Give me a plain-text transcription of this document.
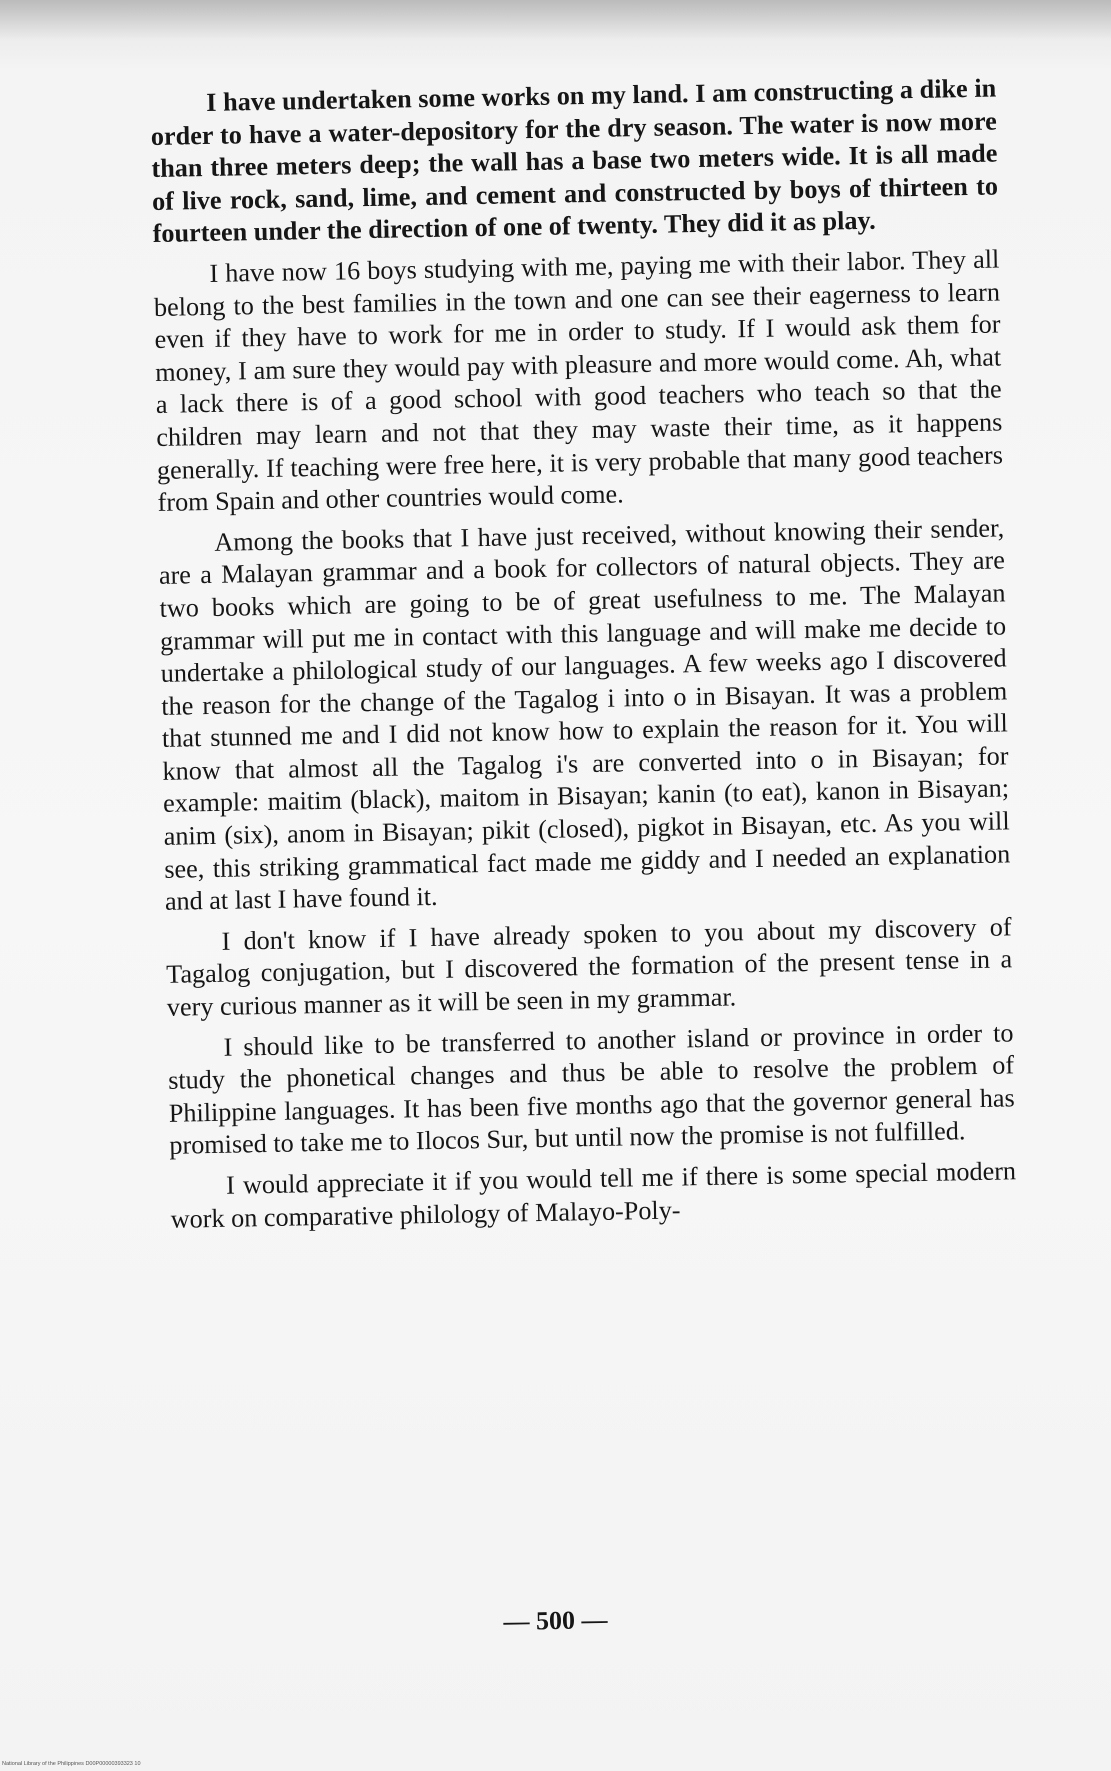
I have undertaken some works on my land. I am constructing a dike in order to have a water-depository for the dry season. The water is now more than three meters deep; the wall has a base two meters wide. It is all made of live rock, sand, lime, and cement and constructed by boys of thirteen to fourteen under the direction of one of twenty. They did it as play.

I have now 16 boys studying with me, paying me with their labor. They all belong to the best families in the town and one can see their eagerness to learn even if they have to work for me in order to study. If I would ask them for money, I am sure they would pay with pleasure and more would come. Ah, what a lack there is of a good school with good teachers who teach so that the children may learn and not that they may waste their time, as it happens generally. If teaching were free here, it is very probable that many good teachers from Spain and other countries would come.

Among the books that I have just received, without knowing their sender, are a Malayan grammar and a book for collectors of natural objects. They are two books which are going to be of great usefulness to me. The Malayan grammar will put me in contact with this language and will make me decide to undertake a philological study of our languages. A few weeks ago I discovered the reason for the change of the Tagalog i into o in Bisayan. It was a problem that stunned me and I did not know how to explain the reason for it. You will know that almost all the Tagalog i's are converted into o in Bisayan; for example: maitim (black), maitom in Bisayan; kanin (to eat), kanon in Bisayan; anim (six), anom in Bisayan; pikit (closed), pigkot in Bisayan, etc. As you will see, this striking grammatical fact made me giddy and I needed an explanation and at last I have found it.

I don't know if I have already spoken to you about my discovery of Tagalog conjugation, but I discovered the formation of the present tense in a very curious manner as it will be seen in my grammar.

I should like to be transferred to another island or province in order to study the phonetical changes and thus be able to resolve the problem of Philippine languages. It has been five months ago that the governor general has promised to take me to Ilocos Sur, but until now the promise is not fulfilled.

I would appreciate it if you would tell me if there is some special modern work on comparative philology of Malayo-Poly-

— 500 —
National Library of the Philippines D00P00000393323 10
